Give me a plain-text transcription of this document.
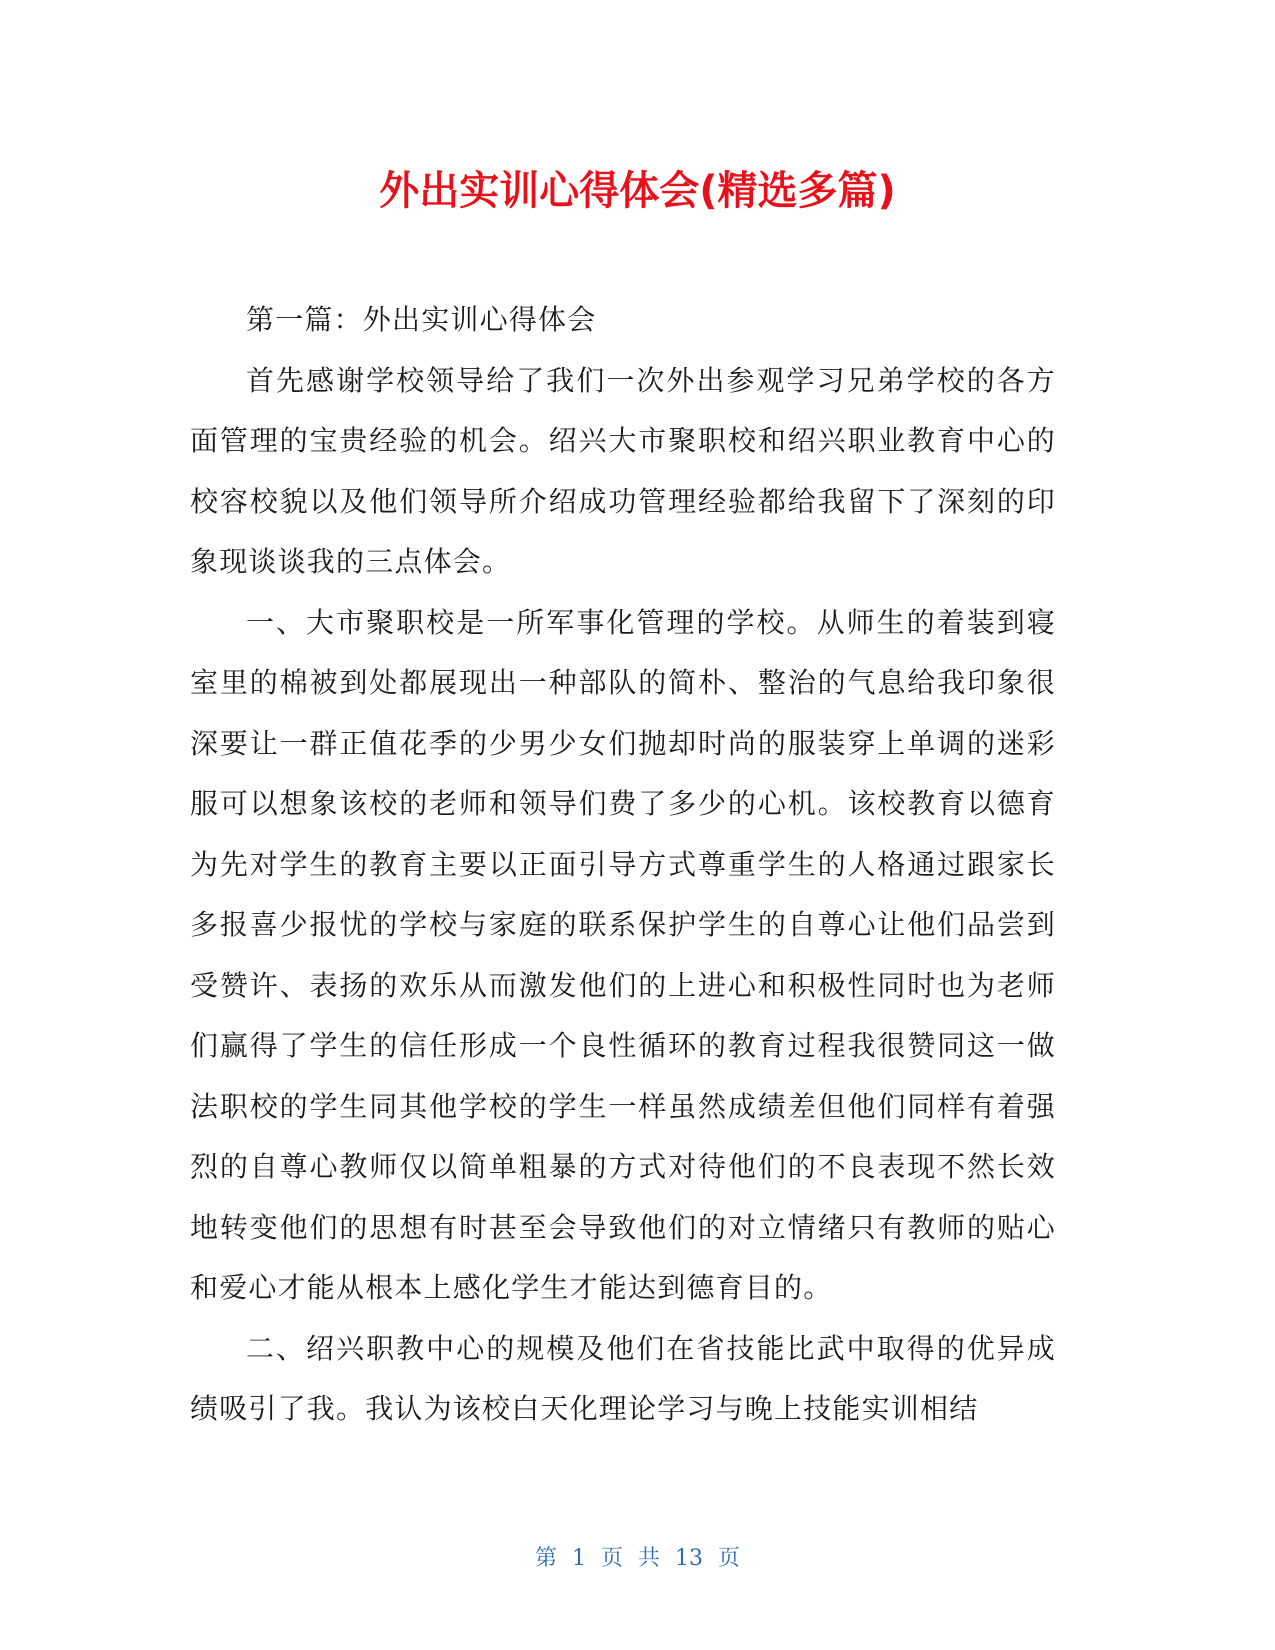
外出实训心得体会(精选多篇)

第一篇：外出实训心得体会

首先感谢学校领导给了我们一次外出参观学习兄弟学校的各方面管理的宝贵经验的机会。绍兴大市聚职校和绍兴职业教育中心的校容校貌以及他们领导所介绍成功管理经验都给我留下了深刻的印象现谈谈我的三点体会。

一、大市聚职校是一所军事化管理的学校。从师生的着装到寝室里的棉被到处都展现出一种部队的简朴、整治的气息给我印象很深要让一群正值花季的少男少女们抛却时尚的服装穿上单调的迷彩服可以想象该校的老师和领导们费了多少的心机。该校教育以德育为先对学生的教育主要以正面引导方式尊重学生的人格通过跟家长多报喜少报忧的学校与家庭的联系保护学生的自尊心让他们品尝到受赞许、表扬的欢乐从而激发他们的上进心和积极性同时也为老师们赢得了学生的信任形成一个良性循环的教育过程我很赞同这一做法职校的学生同其他学校的学生一样虽然成绩差但他们同样有着强烈的自尊心教师仅以简单粗暴的方式对待他们的不良表现不然长效地转变他们的思想有时甚至会导致他们的对立情绪只有教师的贴心和爱心才能从根本上感化学生才能达到德育目的。

二、绍兴职教中心的规模及他们在省技能比武中取得的优异成绩吸引了我。我认为该校白天化理论学习与晚上技能实训相结

第 1 页 共 13 页
